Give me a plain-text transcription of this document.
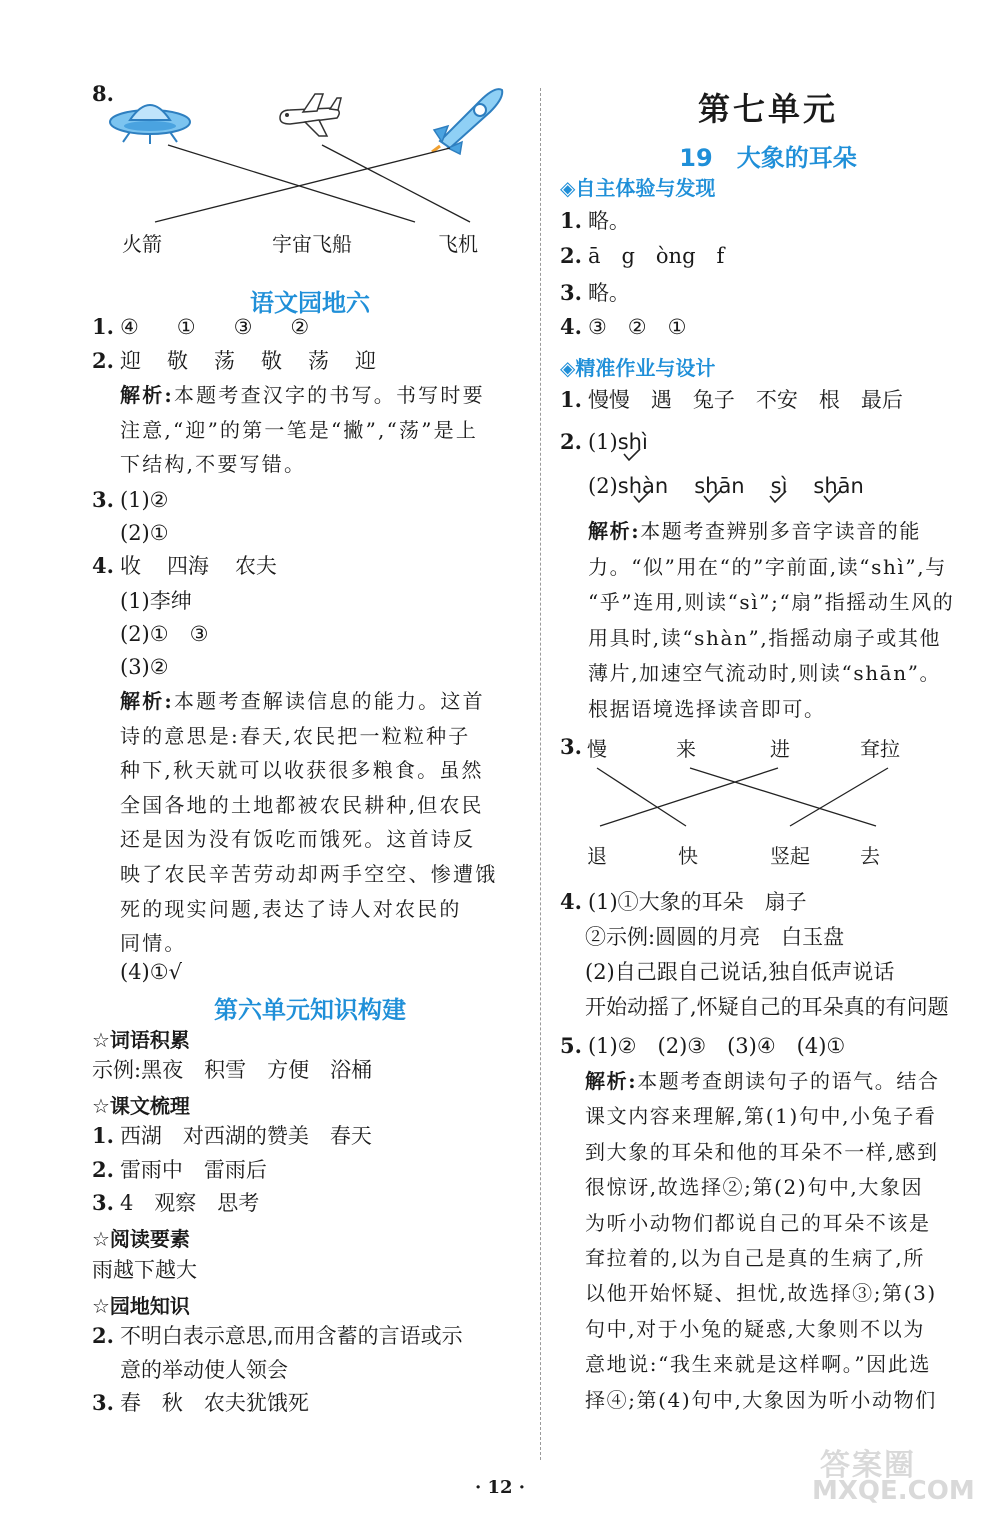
8.
火箭	宇宙飞船	飞机
语文园地六
1. ④ ① ③ ②
2. 迎 敬 荡 敬 荡 迎
解析:本题考查汉字的书写。书写时要
注意,“迎”的第一笔是“撇”,“荡”是上
下结构,不要写错。
3. (1)②
(2)①
4. 收 四海 农夫
(1)李绅
(2)①　③
(3)②
解析:本题考查解读信息的能力。这首
诗的意思是:春天,农民把一粒粒种子
种下,秋天就可以收获很多粮食。虽然
全国各地的土地都被农民耕种,但农民
还是因为没有饭吃而饿死。这首诗反
映了农民辛苦劳动却两手空空、惨遭饿
死的现实问题,表达了诗人对农民的
同情。
(4)①√
第六单元知识构建
☆词语积累
示例:黑夜　积雪　方便　浴桶
☆课文梳理
1. 西湖　对西湖的赞美　春天
2. 雷雨中　雷雨后
3. 4　观察　思考
☆阅读要素
雨越下越大
☆园地知识
2. 不明白表示意思,而用含蓄的言语或示
意的举动使人领会
3. 春　秋　农夫犹饿死
第七单元
19　大象的耳朵
◈自主体验与发现
1. 略。
2. ā　g　òng　f
3. 略。
4. ③　②　①
◈精准作业与设计
1. 慢慢　遇　兔子　不安　根　最后
2. (1)shì
(2)shàn shān sì shān
解析:本题考查辨别多音字读音的能
力。“似”用在“的”字前面,读“shì”,与
“乎”连用,则读“sì”;“扇”指摇动生风的
用具时,读“shàn”,指摇动扇子或其他
薄片,加速空气流动时,则读“shān”。
根据语境选择读音即可。
3. 慢	来	进	耷拉
退	快	竖起	去
4. (1)①大象的耳朵　扇子
②示例:圆圆的月亮　白玉盘
(2)自己跟自己说话,独自低声说话
开始动摇了,怀疑自己的耳朵真的有问题
5. (1)②　(2)③　(3)④　(4)①
解析:本题考查朗读句子的语气。结合
课文内容来理解,第(1)句中,小兔子看
到大象的耳朵和他的耳朵不一样,感到
很惊讶,故选择②;第(2)句中,大象因
为听小动物们都说自己的耳朵不该是
耷拉着的,以为自己是真的生病了,所
以他开始怀疑、担忧,故选择③;第(3)
句中,对于小兔的疑惑,大象则不以为
意地说:“我生来就是这样啊。”因此选
择④;第(4)句中,大象因为听小动物们
· 12 ·
答案圈
MXQE.COM
